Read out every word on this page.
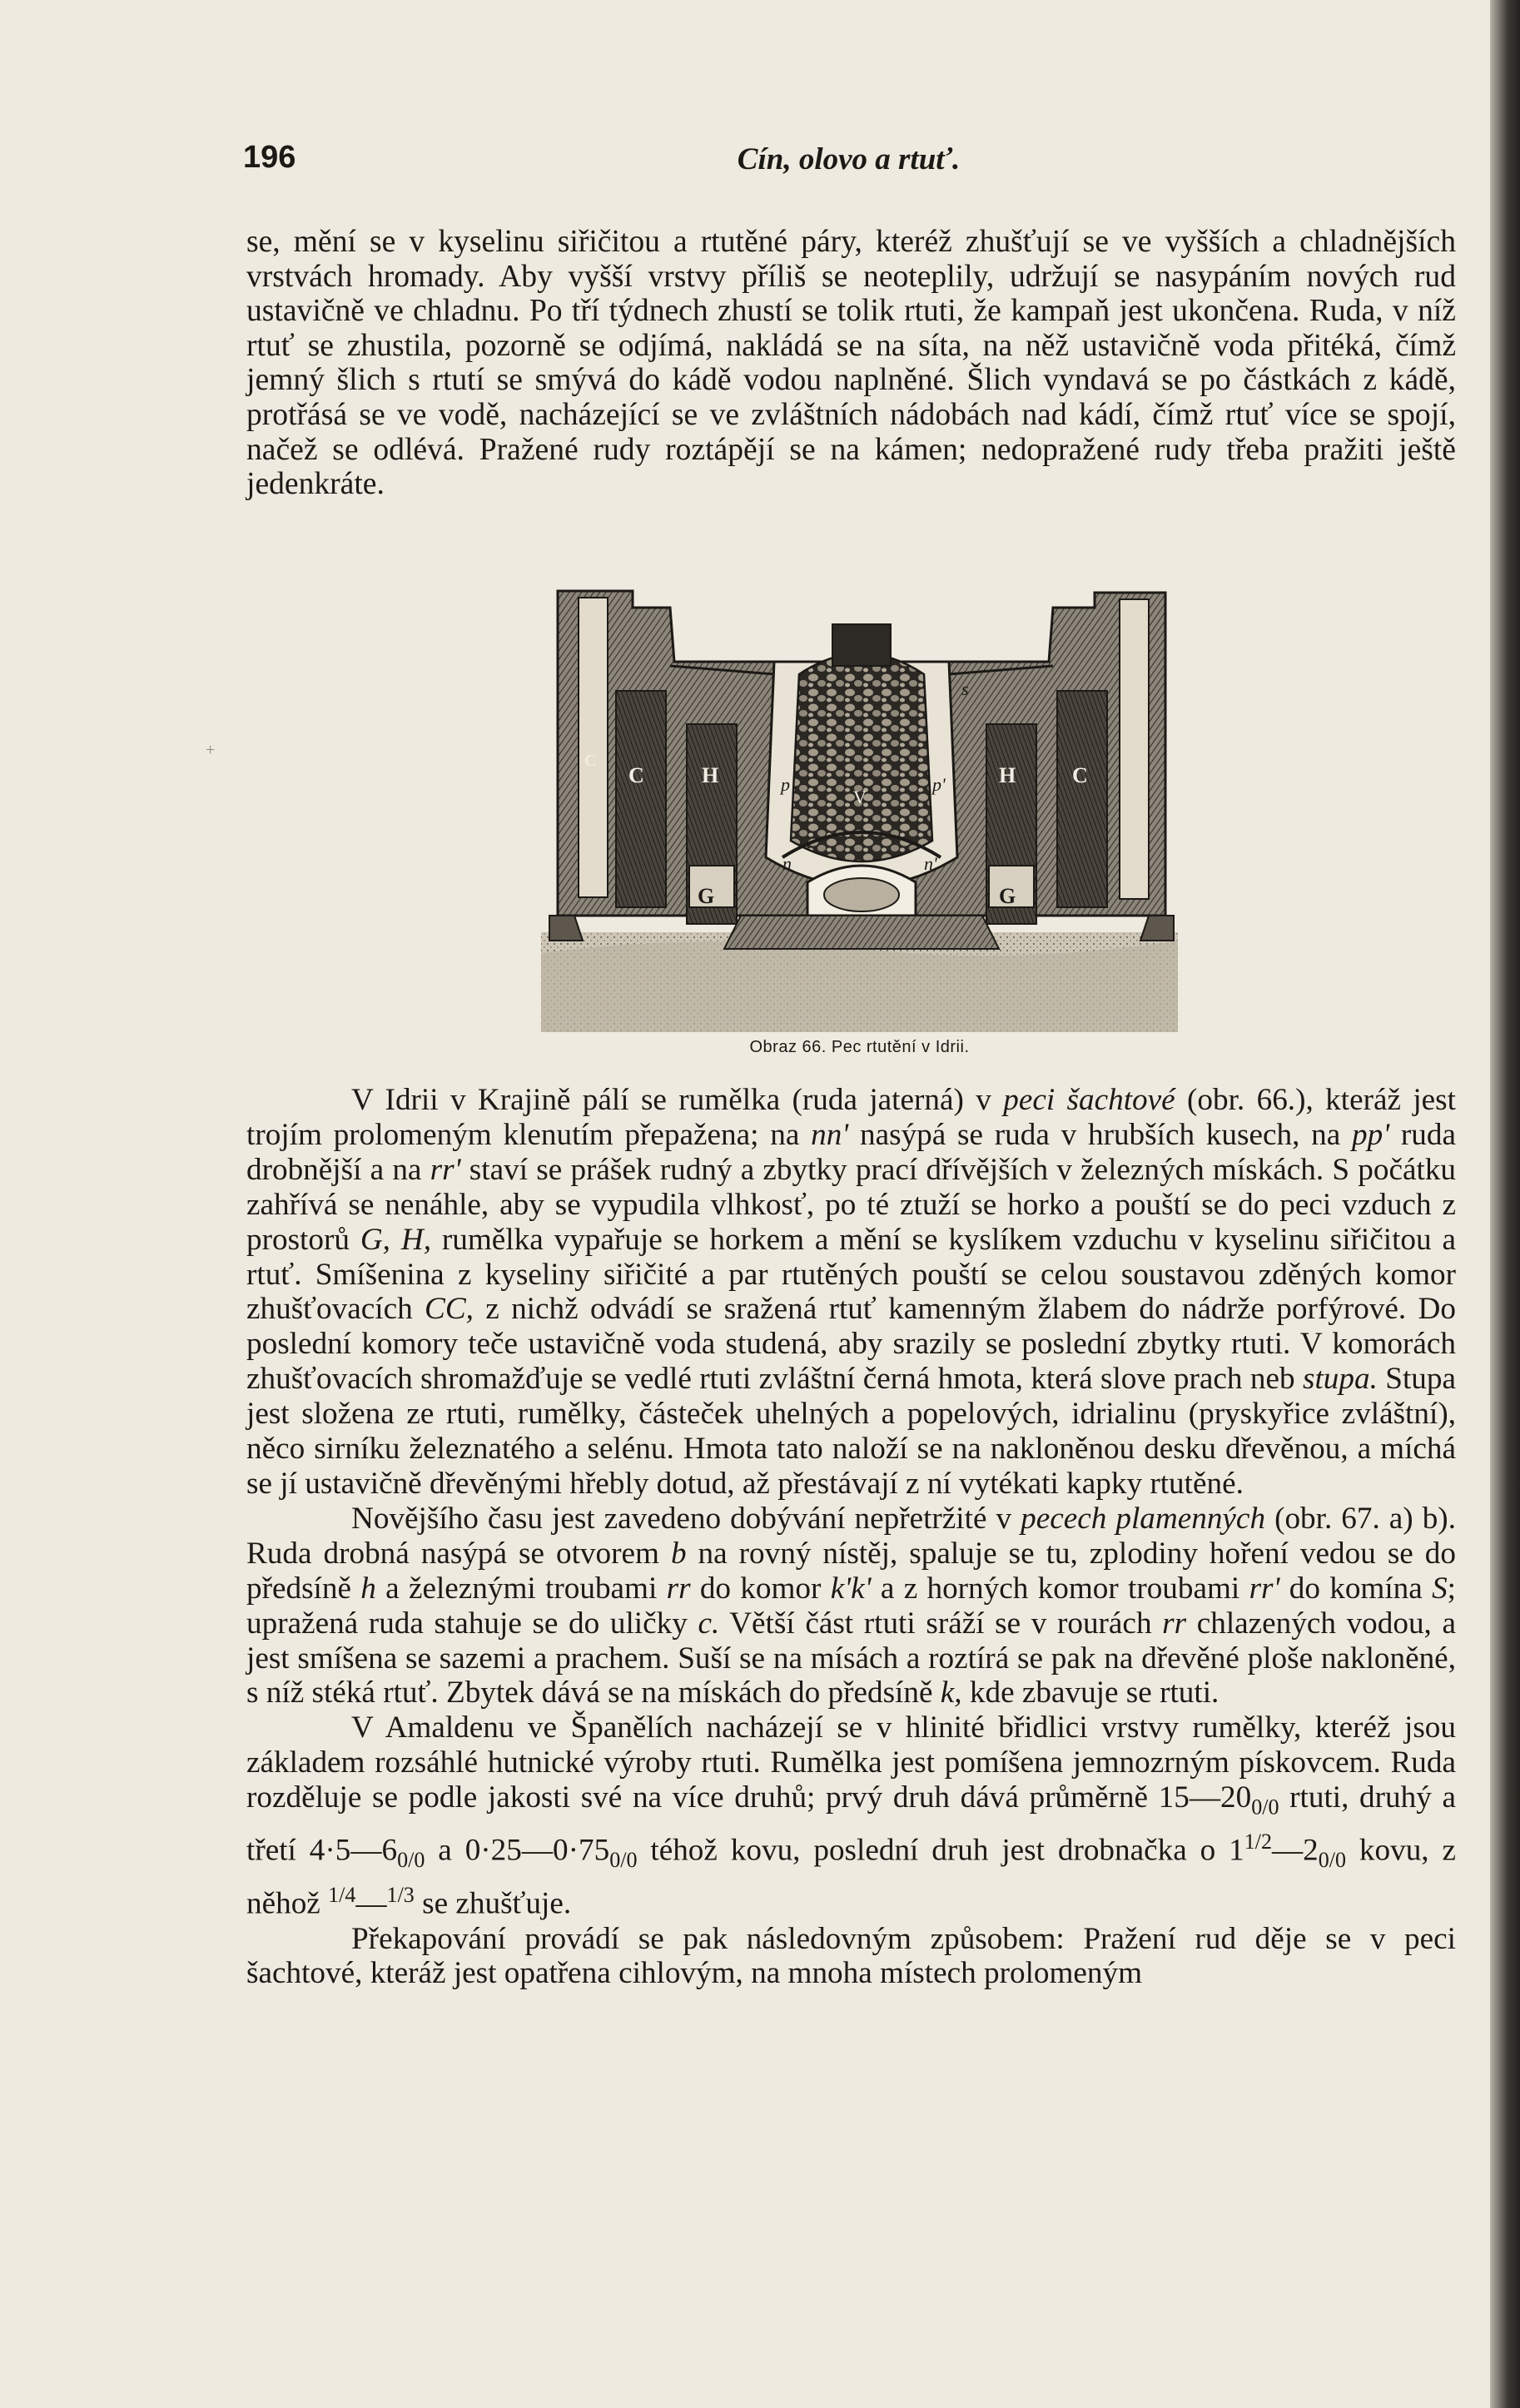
196	Cín, olovo a rtuť.

se, mění se v kyselinu siřičitou a rtutěné páry, kteréž zhušťují se ve vyšších a chladnějších vrstvách hromady. Aby vyšší vrstvy příliš se neoteplily, udržují se nasypáním nových rud ustavičně ve chladnu. Po tří týdnech zhustí se tolik rtuti, že kampaň jest ukončena. Ruda, v níž rtuť se zhustila, pozorně se odjímá, nakládá se na síta, na něž ustavičně voda přitéká, čímž jemný šlich s rtutí se smývá do kádě vodou naplněné. Šlich vyndavá se po částkách z kádě, protřásá se ve vodě, nacházející se ve zvláštních nádobách nad kádí, čímž rtuť více se spojí, načež se odlévá. Pražené rudy roztápějí se na kámen; nedopražené rudy třeba pražiti ještě jedenkráte.

+
C
C
H
G
H	C
G
p
n
V
p'
n'
s
Obraz 66. Pec rtutění v Idrii.

V Idrii v Krajině pálí se rumělka (ruda jaterná) v peci šachtové (obr. 66.), kteráž jest trojím prolomeným klenutím přepažena; na nn' nasýpá se ruda v hrubších kusech, na pp' ruda drobnější a na rr' staví se prášek rudný a zbytky prací dřívějších v železných mískách. S počátku zahřívá se nenáhle, aby se vypudila vlhkosť, po té ztuží se horko a pouští se do peci vzduch z prostorů G, H, rumělka vypařuje se horkem a mění se kyslíkem vzduchu v kyselinu siřičitou a rtuť. Smíšenina z kyseliny siřičité a par rtutěných pouští se celou soustavou zděných komor zhušťovacích CC, z nichž odvádí se sražená rtuť kamenným žlabem do nádrže porfýrové. Do poslední komory teče ustavičně voda studená, aby srazily se poslední zbytky rtuti. V komorách zhušťovacích shromažďuje se vedlé rtuti zvláštní černá hmota, která slove prach neb stupa. Stupa jest složena ze rtuti, rumělky, částeček uhelných a popelových, idrialinu (pryskyřice zvláštní), něco sirníku železnatého a selénu. Hmota tato naloží se na nakloněnou desku dřevěnou, a míchá se jí ustavičně dřevěnými hřebly dotud, až přestávají z ní vytékati kapky rtutěné.

Novějšího času jest zavedeno dobývání nepřetržité v pecech plamenných (obr. 67. a) b). Ruda drobná nasýpá se otvorem b na rovný nístěj, spaluje se tu, zplodiny hoření vedou se do předsíně h a železnými troubami rr do komor k'k' a z horných komor troubami rr' do komína S; upražená ruda stahuje se do uličky c. Větší část rtuti sráží se v rourách rr chlazených vodou, a jest smíšena se sazemi a prachem. Suší se na mísách a roztírá se pak na dřevěné ploše nakloněné, s níž stéká rtuť. Zbytek dává se na mískách do předsíně k, kde zbavuje se rtuti.

V Amaldenu ve Španělích nacházejí se v hlinité břidlici vrstvy rumělky, kteréž jsou základem rozsáhlé hutnické výroby rtuti. Rumělka jest pomíšena jemnozrným pískovcem. Ruda rozděluje se podle jakosti své na více druhů; prvý druh dává průměrně $15—20_{0/0}$ rtuti, druhý a třetí $4\cdot 5—6_{0/0}$ a $0\cdot 25—0\cdot 75_{0/0}$ téhož kovu, poslední druh jest drobnačka o $1^{1/2}—2_{0/0}$ kovu, z něhož $^{1/4}$—$^{1/3}$ se zhušťuje.

Překapování provádí se pak následovným způsobem: Pražení rud děje se v peci šachtové, kteráž jest opatřena cihlovým, na mnoha místech prolomeným
